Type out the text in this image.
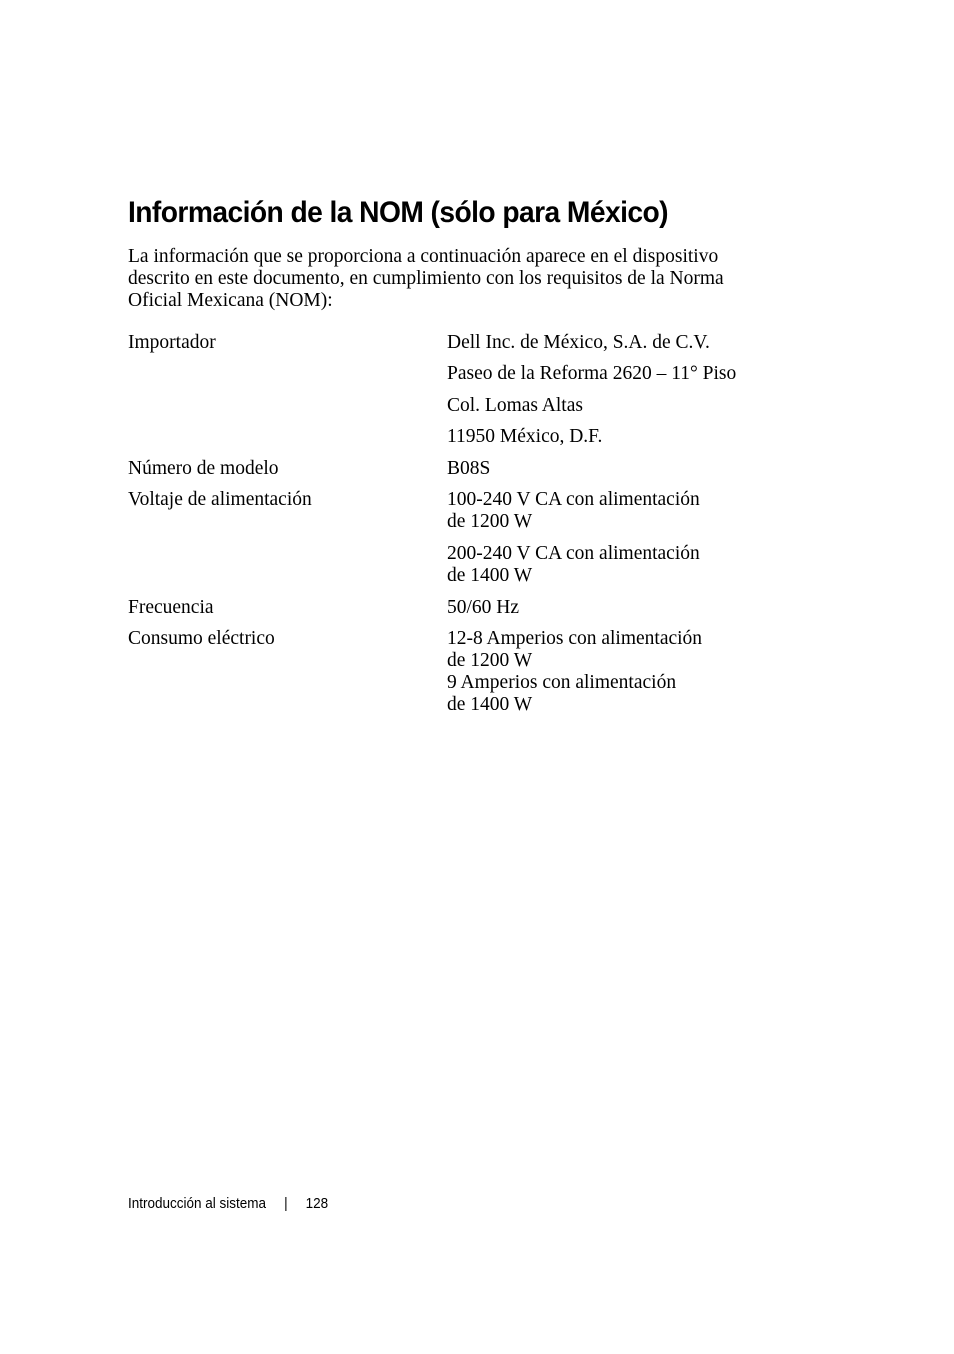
Información de la NOM (sólo para México)

La información que se proporciona a continuación aparece en el dispositivo
descrito en este documento, en cumplimiento con los requisitos de la Norma
Oficial Mexicana (NOM):

Importador	Dell Inc. de México, S.A. de C.V.
Paseo de la Reforma 2620 – 11° Piso
Col. Lomas Altas
11950 México, D.F.
Número de modelo	B08S
Voltaje de alimentación	100-240 V CA con alimentación
de 1200 W
200-240 V CA con alimentación
de 1400 W
Frecuencia	50/60 Hz
Consumo eléctrico	12-8 Amperios con alimentación
de 1200 W
9 Amperios con alimentación
de 1400 W
Introducción al sistema | 128
